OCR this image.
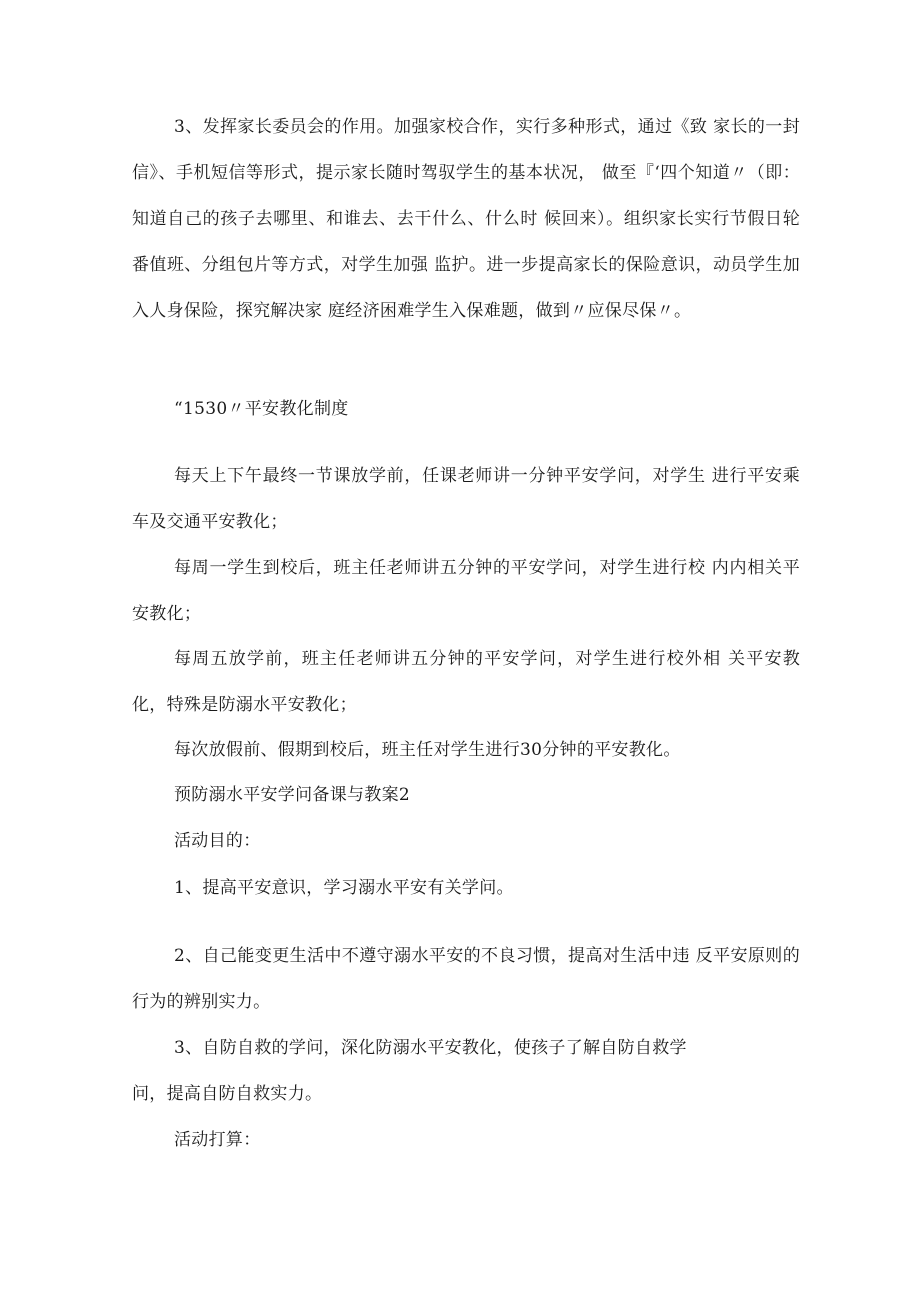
3、发挥家长委员会的作用。加强家校合作，实行多种形式，通过《致 家长的一封信》、手机短信等形式，提示家长随时驾驭学生的基本状况， 做至『‘四个知道〃（即：知道自己的孩子去哪里、和谁去、去干什么、什么时 候回来）。组织家长实行节假日轮番值班、分组包片等方式，对学生加强 监护。进一步提高家长的保险意识，动员学生加入人身保险，探究解决家 庭经济困难学生入保难题，做到〃应保尽保〃。

“1530〃平安教化制度

每天上下午最终一节课放学前，任课老师讲一分钟平安学问，对学生 进行平安乘车及交通平安教化；

每周一学生到校后，班主任老师讲五分钟的平安学问，对学生进行校 内内相关平安教化；

每周五放学前，班主任老师讲五分钟的平安学问，对学生进行校外相 关平安教化，特殊是防溺水平安教化；

每次放假前、假期到校后，班主任对学生进行30分钟的平安教化。

预防溺水平安学问备课与教案2

活动目的：

1、提高平安意识，学习溺水平安有关学问。

2、自己能变更生活中不遵守溺水平安的不良习惯，提高对生活中违 反平安原则的行为的辨别实力。

3、自防自救的学问，深化防溺水平安教化，使孩子了解自防自救学

问，提高自防自救实力。

活动打算：
